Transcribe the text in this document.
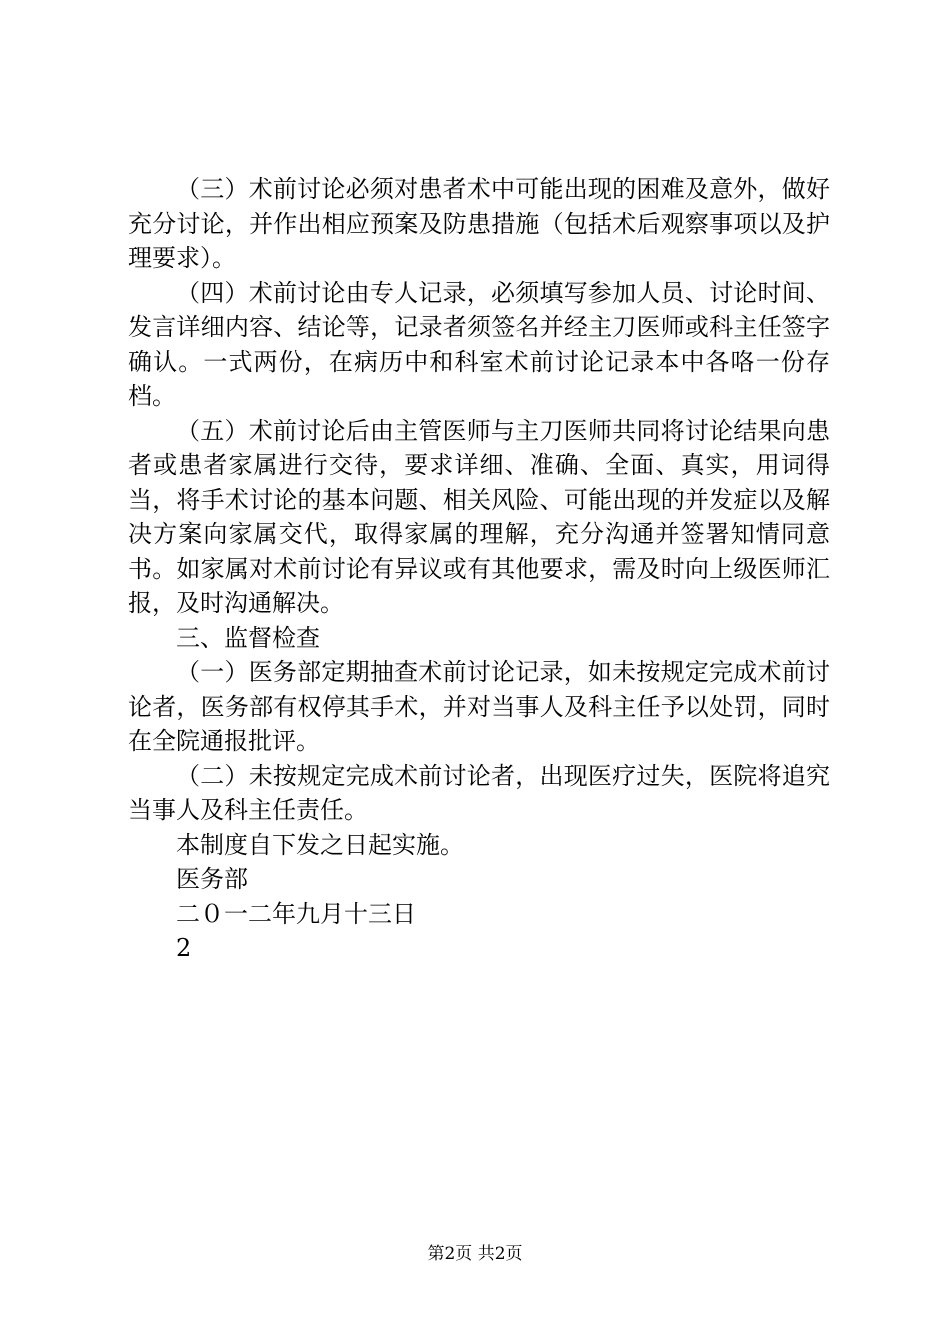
（三）术前讨论必须对患者术中可能出现的困难及意外，做好充分讨论，并作出相应预案及防患措施（包括术后观察事项以及护理要求）。

（四）术前讨论由专人记录，必须填写参加人员、讨论时间、发言详细内容、结论等，记录者须签名并经主刀医师或科主任签字确认。一式两份，在病历中和科室术前讨论记录本中各咯一份存档。

（五）术前讨论后由主管医师与主刀医师共同将讨论结果向患者或患者家属进行交待，要求详细、准确、全面、真实，用词得当，将手术讨论的基本问题、相关风险、可能出现的并发症以及解决方案向家属交代，取得家属的理解，充分沟通并签署知情同意书。如家属对术前讨论有异议或有其他要求，需及时向上级医师汇报，及时沟通解决。

三、监督检查

（一）医务部定期抽查术前讨论记录，如未按规定完成术前讨论者，医务部有权停其手术，并对当事人及科主任予以处罚，同时在全院通报批评。

（二）未按规定完成术前讨论者，出现医疗过失，医院将追究当事人及科主任责任。

本制度自下发之日起实施。

医务部

二０一二年九月十三日

2

第2页 共2页
